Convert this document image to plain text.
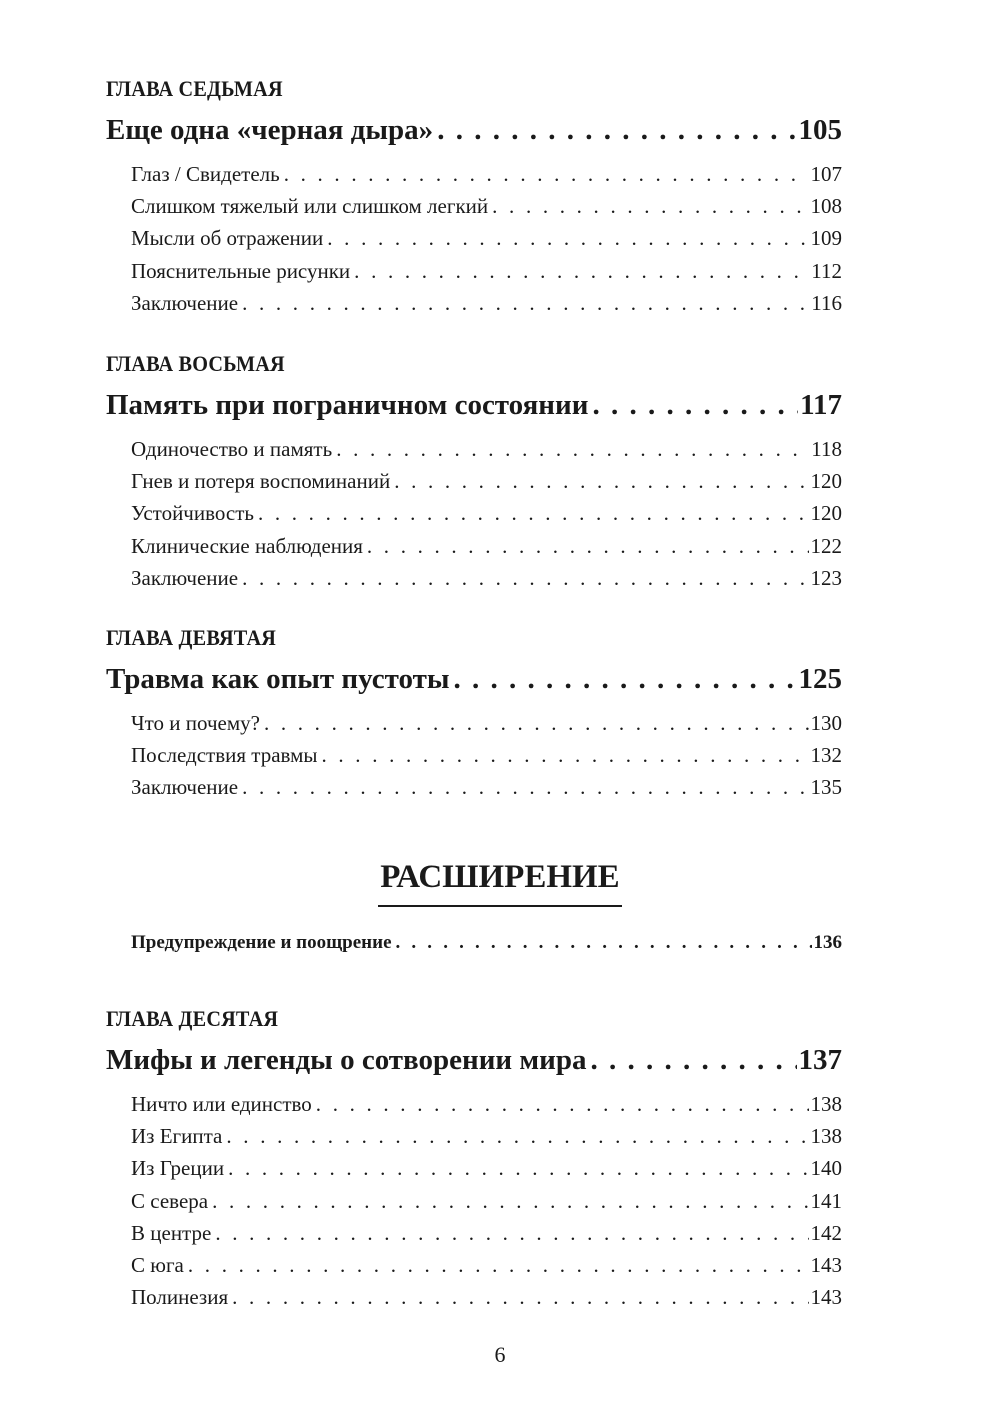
ГЛАВА СЕДЬМАЯ
Еще одна «черная дыра» . . .	105
Глаз / Свидетель . . .	107
Слишком тяжелый или слишком легкий . . .	108
Мысли об отражении . . .	109
Пояснительные рисунки . . .	112
Заключение . . .	116
ГЛАВА ВОСЬМАЯ
Память при пограничном состоянии . . .	117
Одиночество и память . . .	118
Гнев и потеря воспоминаний . . .	120
Устойчивость . . .	120
Клинические наблюдения . . .	122
Заключение . . .	123
ГЛАВА ДЕВЯТАЯ
Травма как опыт пустоты . . .	125
Что и почему? . . .	130
Последствия травмы . . .	132
Заключение . . .	135
РАСШИРЕНИЕ
Предупреждение и поощрение . . .	136
ГЛАВА ДЕСЯТАЯ
Мифы и легенды о сотворении мира . . .	137
Ничто или единство . . .	138
Из Египта . . .	138
Из Греции . . .	140
С севера . . .	141
В центре . . .	142
С юга . . .	143
Полинезия . . .	143
6
